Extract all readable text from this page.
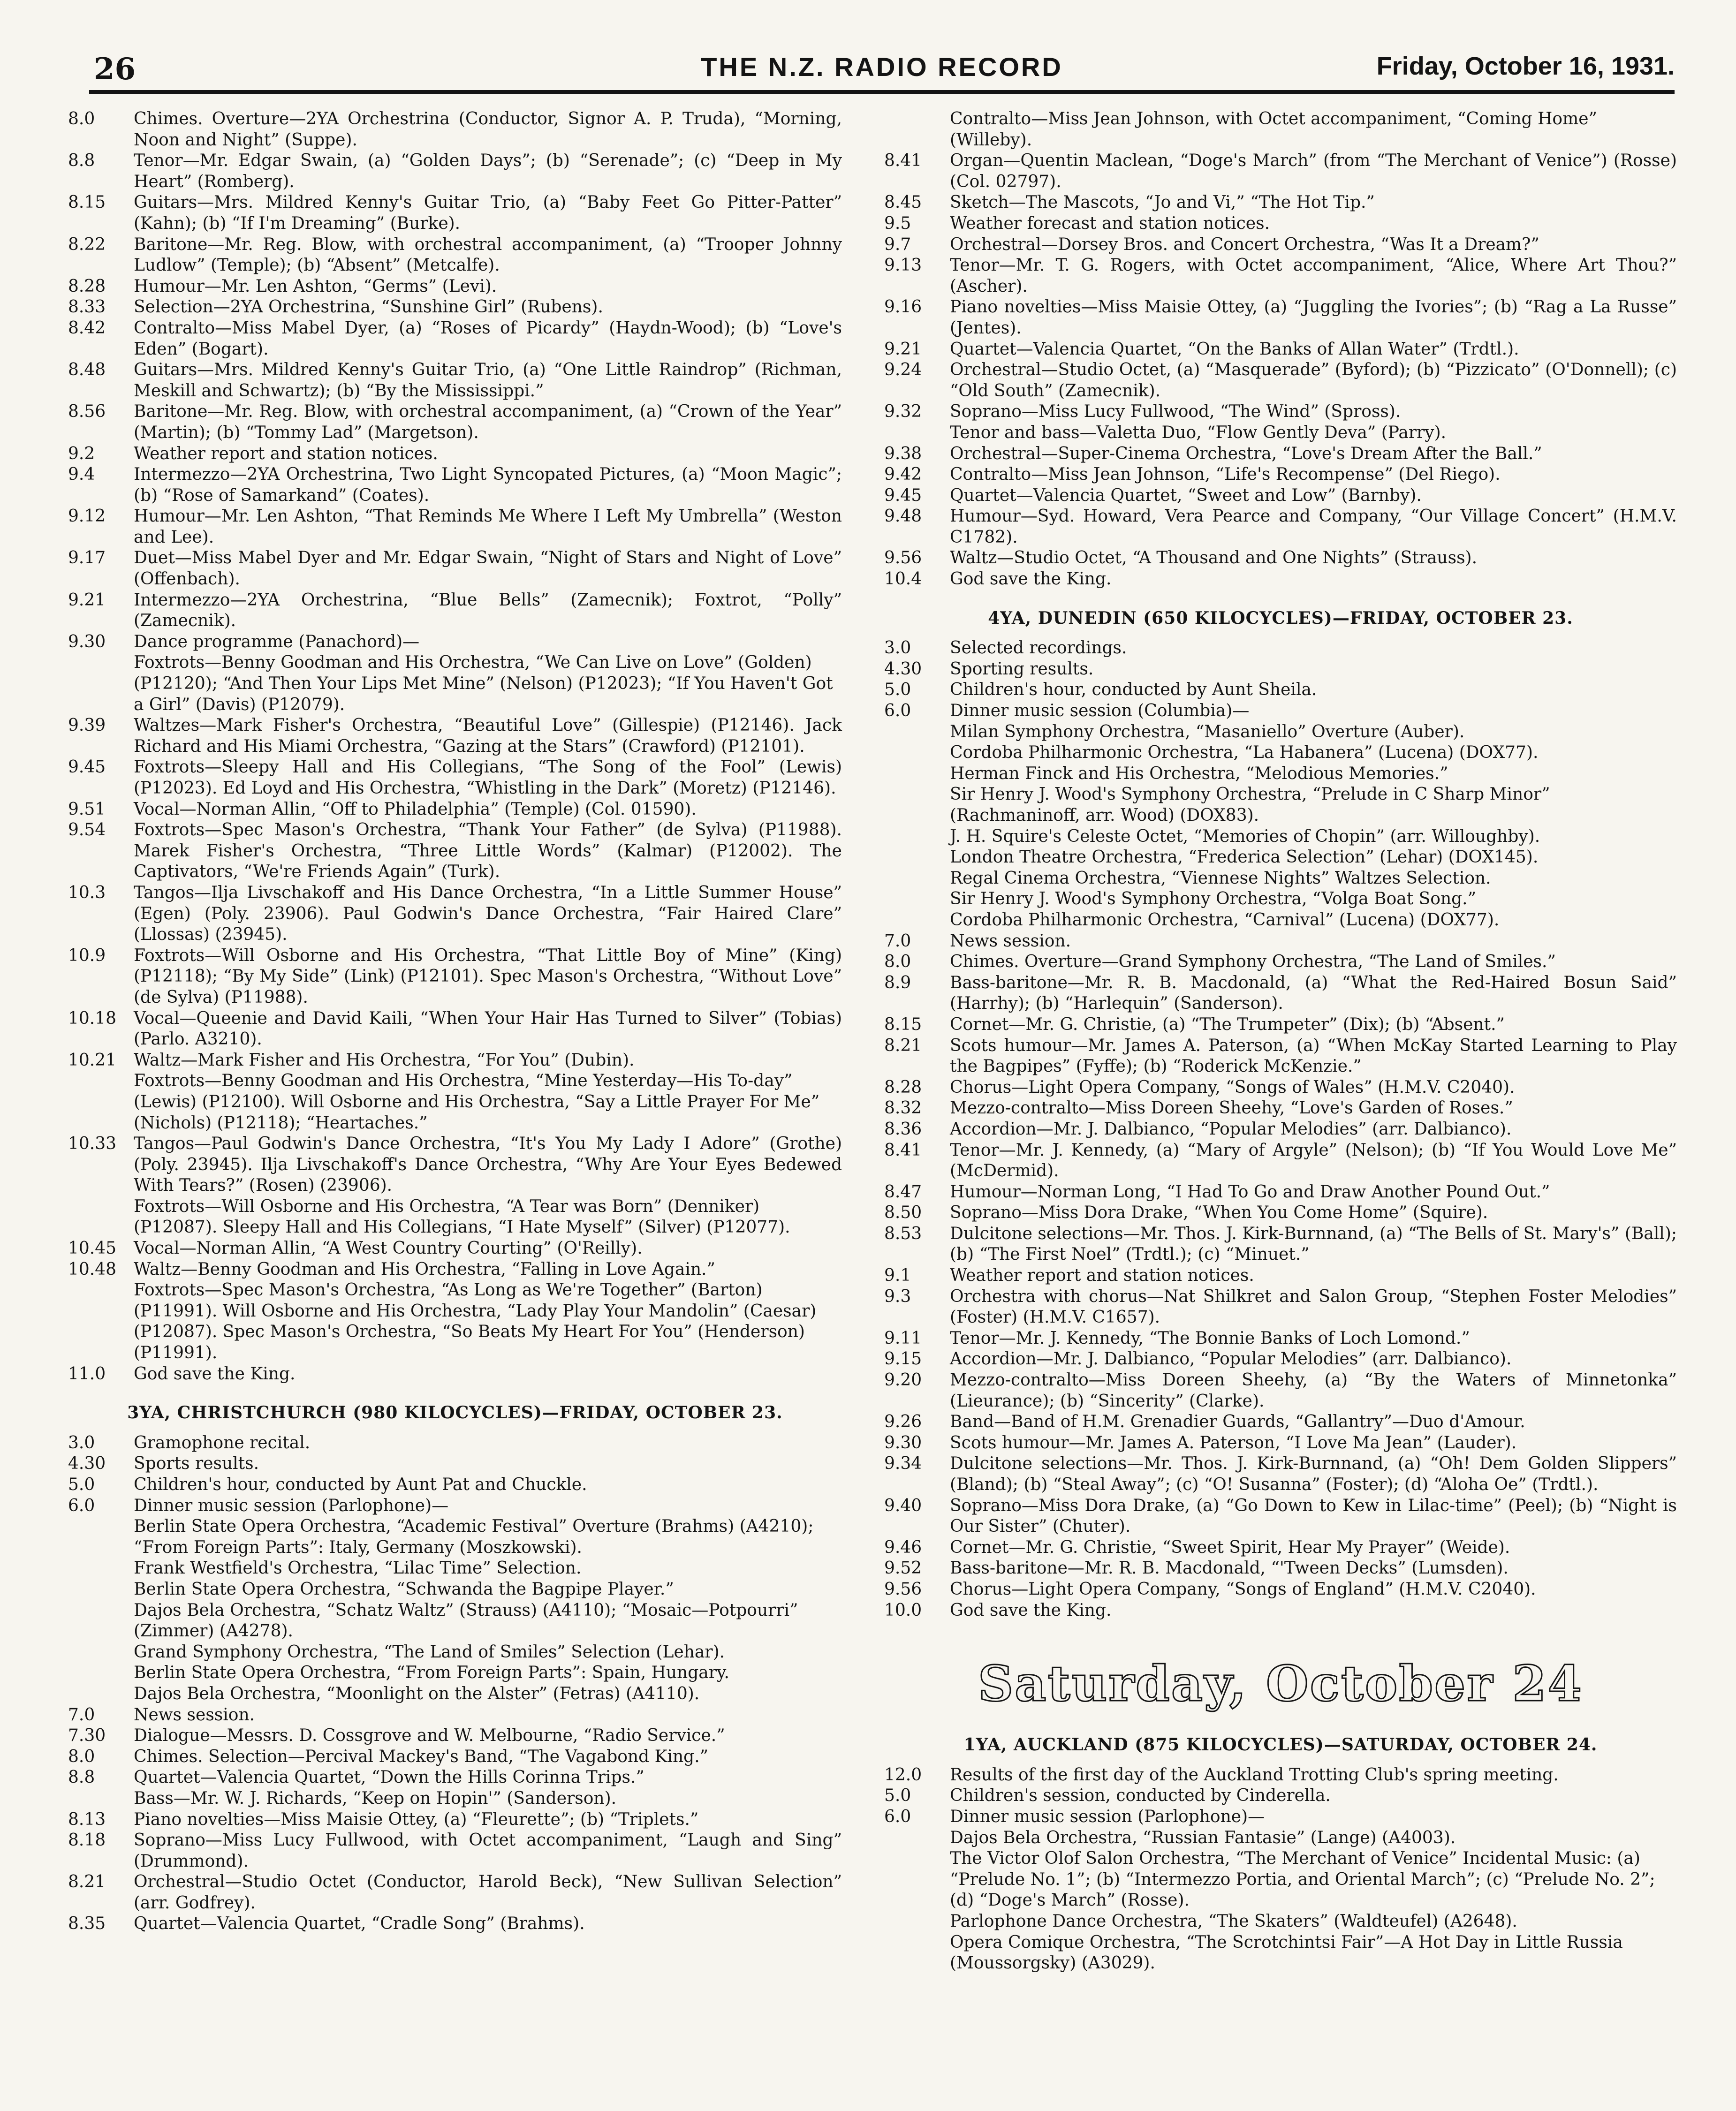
26	THE N.Z. RADIO RECORD	Friday, October 16, 1931.
8.0	Chimes. Overture—2YA Orchestrina (Conductor, Signor A. P. Truda), “Morning, Noon and Night” (Suppe).
8.8	Tenor—Mr. Edgar Swain, (a) “Golden Days”; (b) “Serenade”; (c) “Deep in My Heart” (Romberg).
8.15	Guitars—Mrs. Mildred Kenny's Guitar Trio, (a) “Baby Feet Go Pitter-Patter” (Kahn); (b) “If I'm Dreaming” (Burke).
8.22	Baritone—Mr. Reg. Blow, with orchestral accompaniment, (a) “Trooper Johnny Ludlow” (Temple); (b) “Absent” (Metcalfe).
8.28	Humour—Mr. Len Ashton, “Germs” (Levi).
8.33	Selection—2YA Orchestrina, “Sunshine Girl” (Rubens).
8.42	Contralto—Miss Mabel Dyer, (a) “Roses of Picardy” (Haydn-Wood); (b) “Love's Eden” (Bogart).
8.48	Guitars—Mrs. Mildred Kenny's Guitar Trio, (a) “One Little Raindrop” (Richman, Meskill and Schwartz); (b) “By the Mississippi.”
8.56	Baritone—Mr. Reg. Blow, with orchestral accompaniment, (a) “Crown of the Year” (Martin); (b) “Tommy Lad” (Margetson).
9.2	Weather report and station notices.
9.4	Intermezzo—2YA Orchestrina, Two Light Syncopated Pictures, (a) “Moon Magic”; (b) “Rose of Samarkand” (Coates).
9.12	Humour—Mr. Len Ashton, “That Reminds Me Where I Left My Umbrella” (Weston and Lee).
9.17	Duet—Miss Mabel Dyer and Mr. Edgar Swain, “Night of Stars and Night of Love” (Offenbach).
9.21	Intermezzo—2YA Orchestrina, “Blue Bells” (Zamecnik); Foxtrot, “Polly” (Zamecnik).
9.30	Dance programme (Panachord)—
Foxtrots—Benny Goodman and His Orchestra, “We Can Live on Love” (Golden) (P12120); “And Then Your Lips Met Mine” (Nelson) (P12023); “If You Haven't Got a Girl” (Davis) (P12079).
9.39	Waltzes—Mark Fisher's Orchestra, “Beautiful Love” (Gillespie) (P12146). Jack Richard and His Miami Orchestra, “Gazing at the Stars” (Crawford) (P12101).
9.45	Foxtrots—Sleepy Hall and His Collegians, “The Song of the Fool” (Lewis) (P12023). Ed Loyd and His Orchestra, “Whistling in the Dark” (Moretz) (P12146).
9.51	Vocal—Norman Allin, “Off to Philadelphia” (Temple) (Col. 01590).
9.54	Foxtrots—Spec Mason's Orchestra, “Thank Your Father” (de Sylva) (P11988). Marek Fisher's Orchestra, “Three Little Words” (Kalmar) (P12002). The Captivators, “We're Friends Again” (Turk).
10.3	Tangos—Ilja Livschakoff and His Dance Orchestra, “In a Little Summer House” (Egen) (Poly. 23906). Paul Godwin's Dance Orchestra, “Fair Haired Clare” (Llossas) (23945).
10.9	Foxtrots—Will Osborne and His Orchestra, “That Little Boy of Mine” (King) (P12118); “By My Side” (Link) (P12101). Spec Mason's Orchestra, “Without Love” (de Sylva) (P11988).
10.18	Vocal—Queenie and David Kaili, “When Your Hair Has Turned to Silver” (Tobias) (Parlo. A3210).
10.21	Waltz—Mark Fisher and His Orchestra, “For You” (Dubin).
Foxtrots—Benny Goodman and His Orchestra, “Mine Yesterday—His To-day” (Lewis) (P12100). Will Osborne and His Orchestra, “Say a Little Prayer For Me” (Nichols) (P12118); “Heartaches.”
10.33	Tangos—Paul Godwin's Dance Orchestra, “It's You My Lady I Adore” (Grothe) (Poly. 23945). Ilja Livschakoff's Dance Orchestra, “Why Are Your Eyes Bedewed With Tears?” (Rosen) (23906).
Foxtrots—Will Osborne and His Orchestra, “A Tear was Born” (Denniker) (P12087). Sleepy Hall and His Collegians, “I Hate Myself” (Silver) (P12077).
10.45	Vocal—Norman Allin, “A West Country Courting” (O'Reilly).
10.48	Waltz—Benny Goodman and His Orchestra, “Falling in Love Again.”
Foxtrots—Spec Mason's Orchestra, “As Long as We're Together” (Barton) (P11991). Will Osborne and His Orchestra, “Lady Play Your Mandolin” (Caesar) (P12087). Spec Mason's Orchestra, “So Beats My Heart For You” (Henderson) (P11991).
11.0	God save the King.
3YA, CHRISTCHURCH (980 KILOCYCLES)—FRIDAY, OCTOBER 23.
3.0	Gramophone recital.
4.30	Sports results.
5.0	Children's hour, conducted by Aunt Pat and Chuckle.
6.0	Dinner music session (Parlophone)—
Berlin State Opera Orchestra, “Academic Festival” Overture (Brahms) (A4210); “From Foreign Parts”: Italy, Germany (Moszkowski).
Frank Westfield's Orchestra, “Lilac Time” Selection.
Berlin State Opera Orchestra, “Schwanda the Bagpipe Player.”
Dajos Bela Orchestra, “Schatz Waltz” (Strauss) (A4110); “Mosaic—Potpourri” (Zimmer) (A4278).
Grand Symphony Orchestra, “The Land of Smiles” Selection (Lehar).
Berlin State Opera Orchestra, “From Foreign Parts”: Spain, Hungary.
Dajos Bela Orchestra, “Moonlight on the Alster” (Fetras) (A4110).
7.0	News session.
7.30	Dialogue—Messrs. D. Cossgrove and W. Melbourne, “Radio Service.”
8.0	Chimes. Selection—Percival Mackey's Band, “The Vagabond King.”
8.8	Quartet—Valencia Quartet, “Down the Hills Corinna Trips.”
Bass—Mr. W. J. Richards, “Keep on Hopin'” (Sanderson).
8.13	Piano novelties—Miss Maisie Ottey, (a) “Fleurette”; (b) “Triplets.”
8.18	Soprano—Miss Lucy Fullwood, with Octet accompaniment, “Laugh and Sing” (Drummond).
8.21	Orchestral—Studio Octet (Conductor, Harold Beck), “New Sullivan Selection” (arr. Godfrey).
8.35	Quartet—Valencia Quartet, “Cradle Song” (Brahms).
Contralto—Miss Jean Johnson, with Octet accompaniment, “Coming Home” (Willeby).
8.41	Organ—Quentin Maclean, “Doge's March” (from “The Merchant of Venice”) (Rosse) (Col. 02797).
8.45	Sketch—The Mascots, “Jo and Vi,” “The Hot Tip.”
9.5	Weather forecast and station notices.
9.7	Orchestral—Dorsey Bros. and Concert Orchestra, “Was It a Dream?”
9.13	Tenor—Mr. T. G. Rogers, with Octet accompaniment, “Alice, Where Art Thou?” (Ascher).
9.16	Piano novelties—Miss Maisie Ottey, (a) “Juggling the Ivories”; (b) “Rag a La Russe” (Jentes).
9.21	Quartet—Valencia Quartet, “On the Banks of Allan Water” (Trdtl.).
9.24	Orchestral—Studio Octet, (a) “Masquerade” (Byford); (b) “Pizzicato” (O'Donnell); (c) “Old South” (Zamecnik).
9.32	Soprano—Miss Lucy Fullwood, “The Wind” (Spross).
Tenor and bass—Valetta Duo, “Flow Gently Deva” (Parry).
9.38	Orchestral—Super-Cinema Orchestra, “Love's Dream After the Ball.”
9.42	Contralto—Miss Jean Johnson, “Life's Recompense” (Del Riego).
9.45	Quartet—Valencia Quartet, “Sweet and Low” (Barnby).
9.48	Humour—Syd. Howard, Vera Pearce and Company, “Our Village Concert” (H.M.V. C1782).
9.56	Waltz—Studio Octet, “A Thousand and One Nights” (Strauss).
10.4	God save the King.
4YA, DUNEDIN (650 KILOCYCLES)—FRIDAY, OCTOBER 23.
3.0	Selected recordings.
4.30	Sporting results.
5.0	Children's hour, conducted by Aunt Sheila.
6.0	Dinner music session (Columbia)—
Milan Symphony Orchestra, “Masaniello” Overture (Auber).
Cordoba Philharmonic Orchestra, “La Habanera” (Lucena) (DOX77).
Herman Finck and His Orchestra, “Melodious Memories.”
Sir Henry J. Wood's Symphony Orchestra, “Prelude in C Sharp Minor” (Rachmaninoff, arr. Wood) (DOX83).
J. H. Squire's Celeste Octet, “Memories of Chopin” (arr. Willoughby).
London Theatre Orchestra, “Frederica Selection” (Lehar) (DOX145).
Regal Cinema Orchestra, “Viennese Nights” Waltzes Selection.
Sir Henry J. Wood's Symphony Orchestra, “Volga Boat Song.”
Cordoba Philharmonic Orchestra, “Carnival” (Lucena) (DOX77).
7.0	News session.
8.0	Chimes. Overture—Grand Symphony Orchestra, “The Land of Smiles.”
8.9	Bass-baritone—Mr. R. B. Macdonald, (a) “What the Red-Haired Bosun Said” (Harrhy); (b) “Harlequin” (Sanderson).
8.15	Cornet—Mr. G. Christie, (a) “The Trumpeter” (Dix); (b) “Absent.”
8.21	Scots humour—Mr. James A. Paterson, (a) “When McKay Started Learning to Play the Bagpipes” (Fyffe); (b) “Roderick McKenzie.”
8.28	Chorus—Light Opera Company, “Songs of Wales” (H.M.V. C2040).
8.32	Mezzo-contralto—Miss Doreen Sheehy, “Love's Garden of Roses.”
8.36	Accordion—Mr. J. Dalbianco, “Popular Melodies” (arr. Dalbianco).
8.41	Tenor—Mr. J. Kennedy, (a) “Mary of Argyle” (Nelson); (b) “If You Would Love Me” (McDermid).
8.47	Humour—Norman Long, “I Had To Go and Draw Another Pound Out.”
8.50	Soprano—Miss Dora Drake, “When You Come Home” (Squire).
8.53	Dulcitone selections—Mr. Thos. J. Kirk-Burnnand, (a) “The Bells of St. Mary's” (Ball); (b) “The First Noel” (Trdtl.); (c) “Minuet.”
9.1	Weather report and station notices.
9.3	Orchestra with chorus—Nat Shilkret and Salon Group, “Stephen Foster Melodies” (Foster) (H.M.V. C1657).
9.11	Tenor—Mr. J. Kennedy, “The Bonnie Banks of Loch Lomond.”
9.15	Accordion—Mr. J. Dalbianco, “Popular Melodies” (arr. Dalbianco).
9.20	Mezzo-contralto—Miss Doreen Sheehy, (a) “By the Waters of Minnetonka” (Lieurance); (b) “Sincerity” (Clarke).
9.26	Band—Band of H.M. Grenadier Guards, “Gallantry”—Duo d'Amour.
9.30	Scots humour—Mr. James A. Paterson, “I Love Ma Jean” (Lauder).
9.34	Dulcitone selections—Mr. Thos. J. Kirk-Burnnand, (a) “Oh! Dem Golden Slippers” (Bland); (b) “Steal Away”; (c) “O! Susanna” (Foster); (d) “Aloha Oe” (Trdtl.).
9.40	Soprano—Miss Dora Drake, (a) “Go Down to Kew in Lilac-time” (Peel); (b) “Night is Our Sister” (Chuter).
9.46	Cornet—Mr. G. Christie, “Sweet Spirit, Hear My Prayer” (Weide).
9.52	Bass-baritone—Mr. R. B. Macdonald, “'Tween Decks” (Lumsden).
9.56	Chorus—Light Opera Company, “Songs of England” (H.M.V. C2040).
10.0	God save the King.
Saturday, October 24
1YA, AUCKLAND (875 KILOCYCLES)—SATURDAY, OCTOBER 24.
12.0	Results of the first day of the Auckland Trotting Club's spring meeting.
5.0	Children's session, conducted by Cinderella.
6.0	Dinner music session (Parlophone)—
Dajos Bela Orchestra, “Russian Fantasie” (Lange) (A4003).
The Victor Olof Salon Orchestra, “The Merchant of Venice” Incidental Music: (a) “Prelude No. 1”; (b) “Intermezzo Portia, and Oriental March”; (c) “Prelude No. 2”; (d) “Doge's March” (Rosse).
Parlophone Dance Orchestra, “The Skaters” (Waldteufel) (A2648).
Opera Comique Orchestra, “The Scrotchintsi Fair”—A Hot Day in Little Russia (Moussorgsky) (A3029).
